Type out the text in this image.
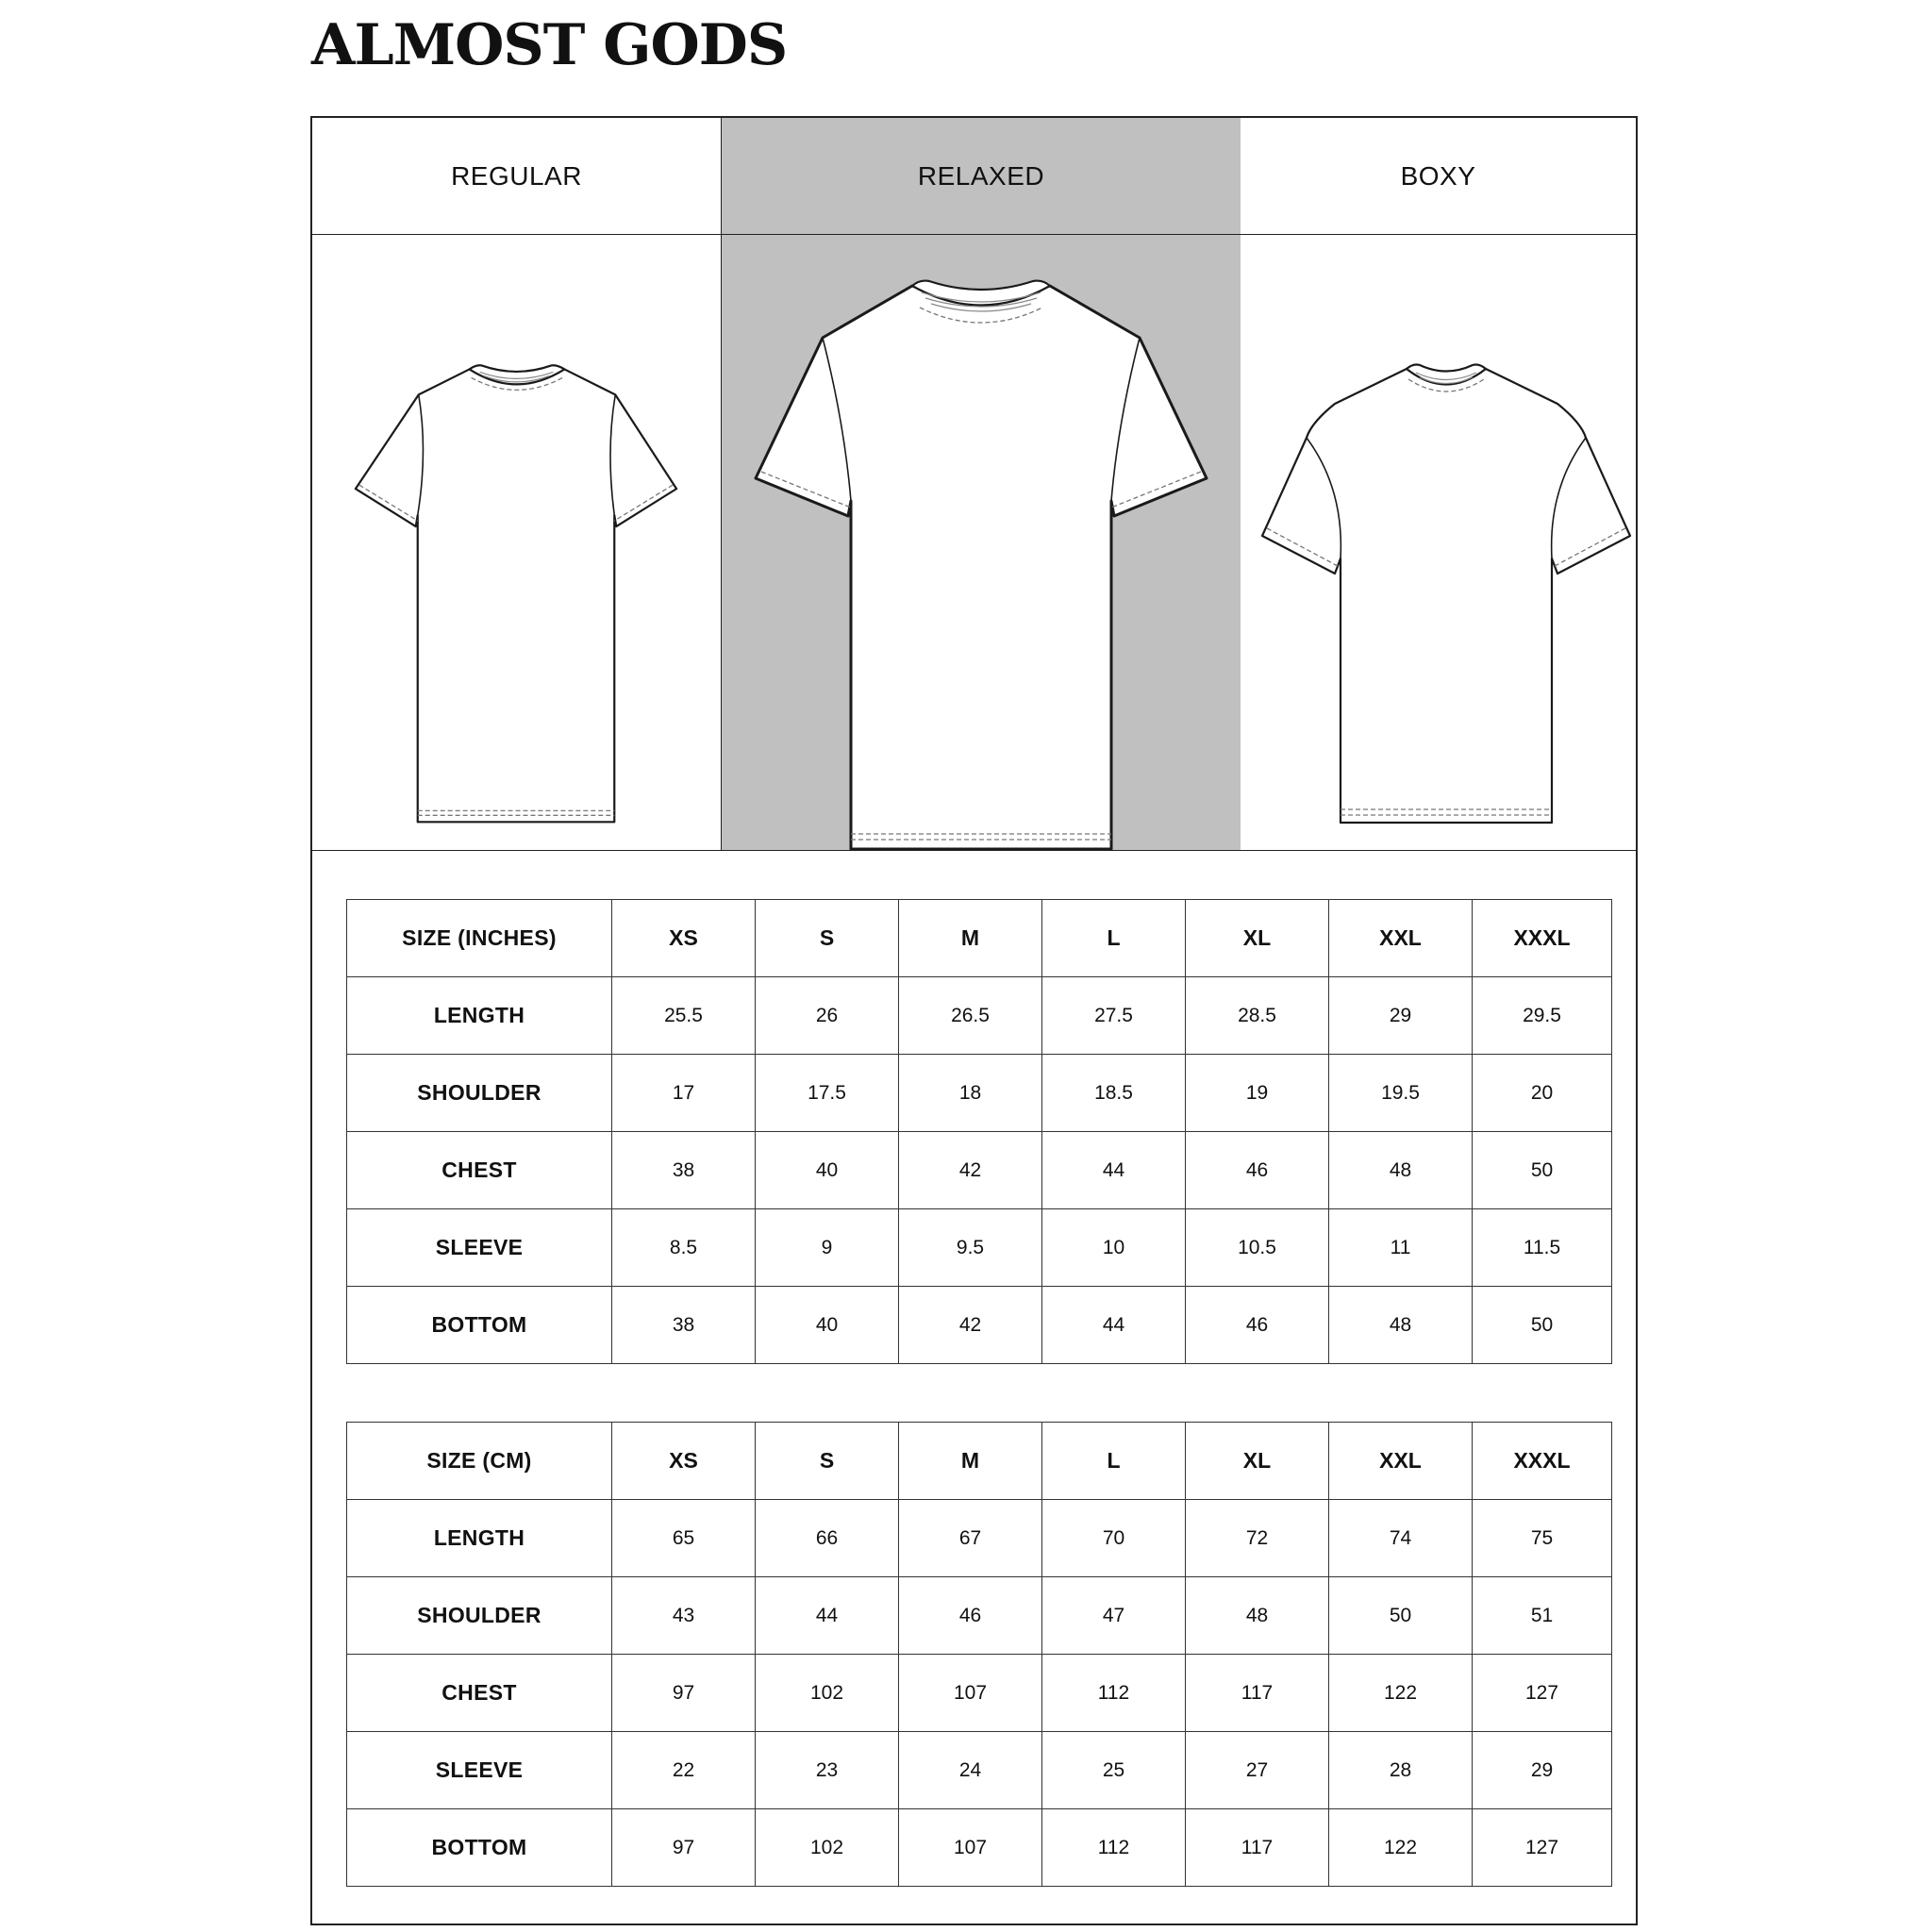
ALMOST GODS
REGULAR	RELAXED	BOXY
SIZE (INCHES)	XS	S	M	L	XL	XXL	XXXL
LENGTH	25.5	26	26.5	27.5	28.5	29	29.5
SHOULDER	17	17.5	18	18.5	19	19.5	20
CHEST	38	40	42	44	46	48	50
SLEEVE	8.5	9	9.5	10	10.5	11	11.5
BOTTOM	38	40	42	44	46	48	50
SIZE (CM)	XS	S	M	L	XL	XXL	XXXL
LENGTH	65	66	67	70	72	74	75
SHOULDER	43	44	46	47	48	50	51
CHEST	97	102	107	112	117	122	127
SLEEVE	22	23	24	25	27	28	29
BOTTOM	97	102	107	112	117	122	127
